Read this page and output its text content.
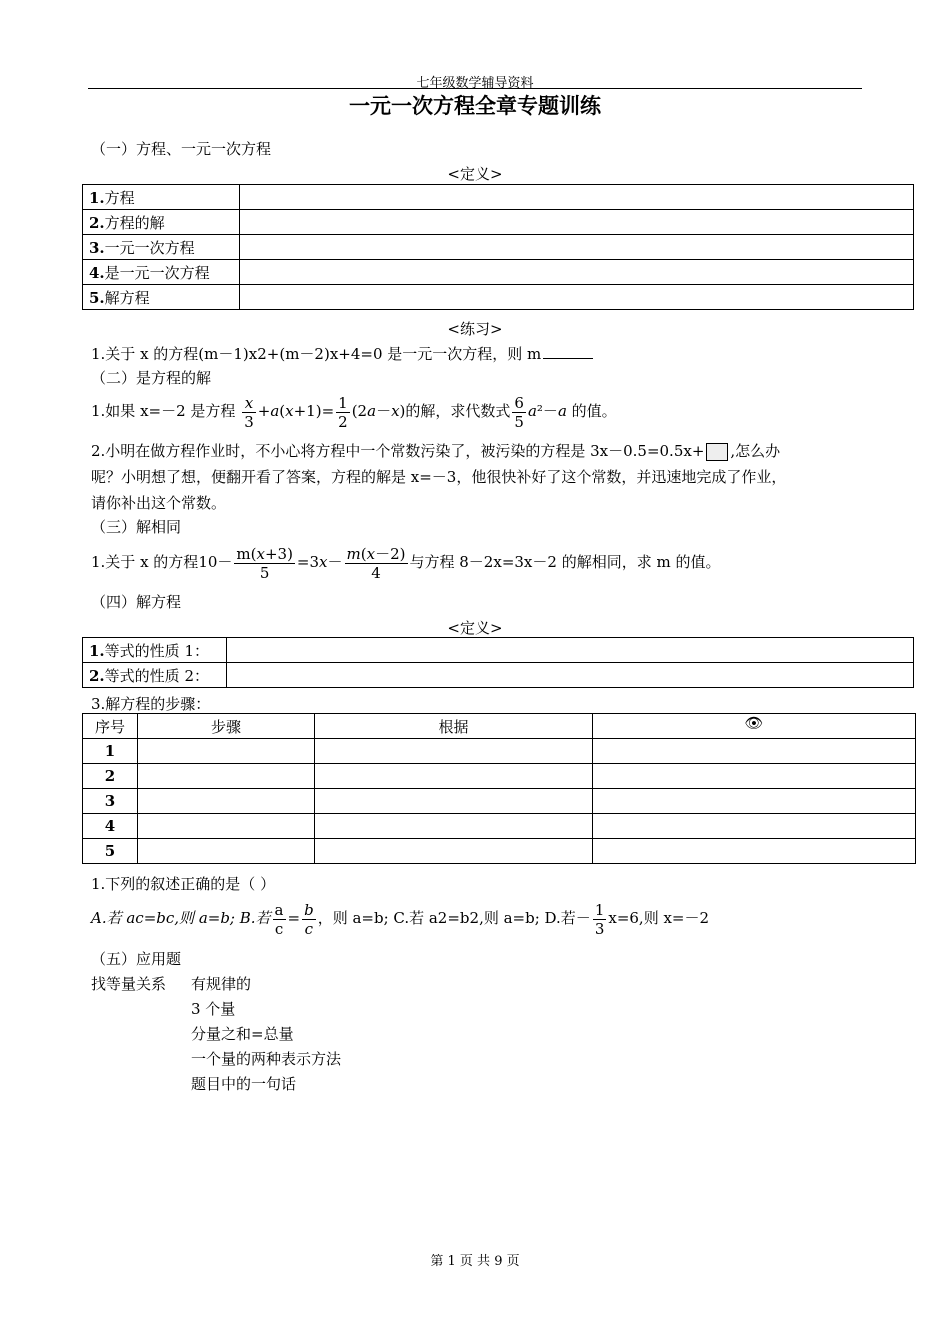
七年级数学辅导资料
一元一次方程全章专题训练
（一）方程、一元一次方程
<定义>
1.方程	
2.方程的解	
3.一元一次方程	
4.是一元一次方程	
5.解方程	
<练习>
1.关于 x 的方程(m－1)x2+(m－2)x+4=0 是一元一次方程，则 m
（二）是方程的解
1.如果 x=－2 是方程 $\frac{x}{3} +a(x+1)= \frac{1}{2} (2a-x)$的解，求代数式 $\frac{6}{5} a^2-a$ 的值。
2.小明在做方程作业时，不小心将方程中一个常数污染了，被污染的方程是 3x－0.5=0.5x+ ,怎么办
呢？小明想了想，便翻开看了答案，方程的解是 x=－3，他很快补好了这个常数，并迅速地完成了作业，
请你补出这个常数。
（三）解相同
1.关于 x 的方程$10- \frac{m(x+3)}{5} =3x- \frac{m(x-2)}{4}$ 与方程 8－2x=3x－2 的解相同，求 m 的值。
（四）解方程
<定义>
1.等式的性质 1：	
2.等式的性质 2：	
3.解方程的步骤：
序号	步骤	根据	👁
1			
2			
3			
4			
5			
1.下列的叙述正确的是（ ）
A.若 ac=bc,则 a=b; B.若 $\frac{a}{c} = \frac{b}{c}$ ，则 a=b; C.若 a2=b2,则 a=b; D.若－ $\frac{1}{3} x=6$,则 x=－2
（五）应用题
找等量关系 有规律的
3 个量
分量之和=总量
一个量的两种表示方法
题目中的一句话
第 1 页 共 9 页
